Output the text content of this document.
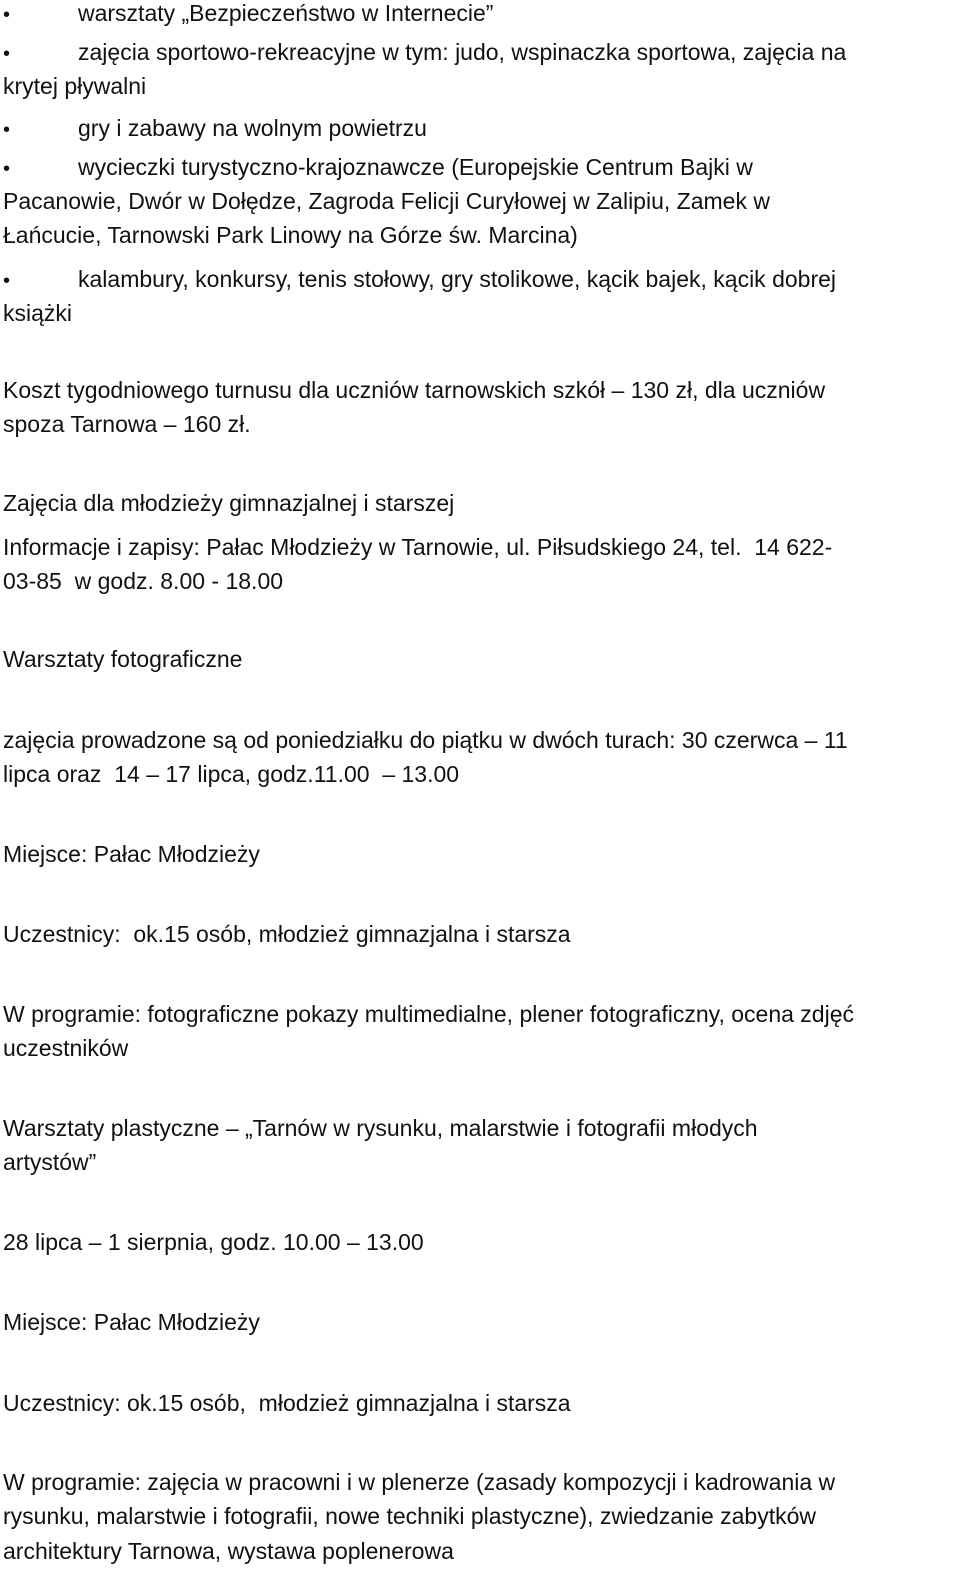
•	warsztaty „Bezpieczeństwo w Internecie”
•	zajęcia sportowo-rekreacyjne w tym: judo, wspinaczka sportowa, zajęcia na
krytej pływalni
•	gry i zabawy na wolnym powietrzu
•	wycieczki turystyczno-krajoznawcze (Europejskie Centrum Bajki w
Pacanowie, Dwór w Dołędze, Zagroda Felicji Curyłowej w Zalipiu, Zamek w
Łańcucie, Tarnowski Park Linowy na Górze św. Marcina)
•	kalambury, konkursy, tenis stołowy, gry stolikowe, kącik bajek, kącik dobrej
książki
Koszt tygodniowego turnusu dla uczniów tarnowskich szkół – 130 zł, dla uczniów
spoza Tarnowa – 160 zł.
Zajęcia dla młodzieży gimnazjalnej i starszej
Informacje i zapisy: Pałac Młodzieży w Tarnowie, ul. Piłsudskiego 24, tel.  14 622-
03-85  w godz. 8.00 - 18.00
Warsztaty fotograficzne
zajęcia prowadzone są od poniedziałku do piątku w dwóch turach: 30 czerwca – 11
lipca oraz  14 – 17 lipca, godz.11.00  – 13.00
Miejsce: Pałac Młodzieży
Uczestnicy:  ok.15 osób, młodzież gimnazjalna i starsza
W programie: fotograficzne pokazy multimedialne, plener fotograficzny, ocena zdjęć
uczestników
Warsztaty plastyczne – „Tarnów w rysunku, malarstwie i fotografii młodych
artystów”
28 lipca – 1 sierpnia, godz. 10.00 – 13.00
Miejsce: Pałac Młodzieży
Uczestnicy: ok.15 osób,  młodzież gimnazjalna i starsza
W programie: zajęcia w pracowni i w plenerze (zasady kompozycji i kadrowania w
rysunku, malarstwie i fotografii, nowe techniki plastyczne), zwiedzanie zabytków
architektury Tarnowa, wystawa poplenerowa
